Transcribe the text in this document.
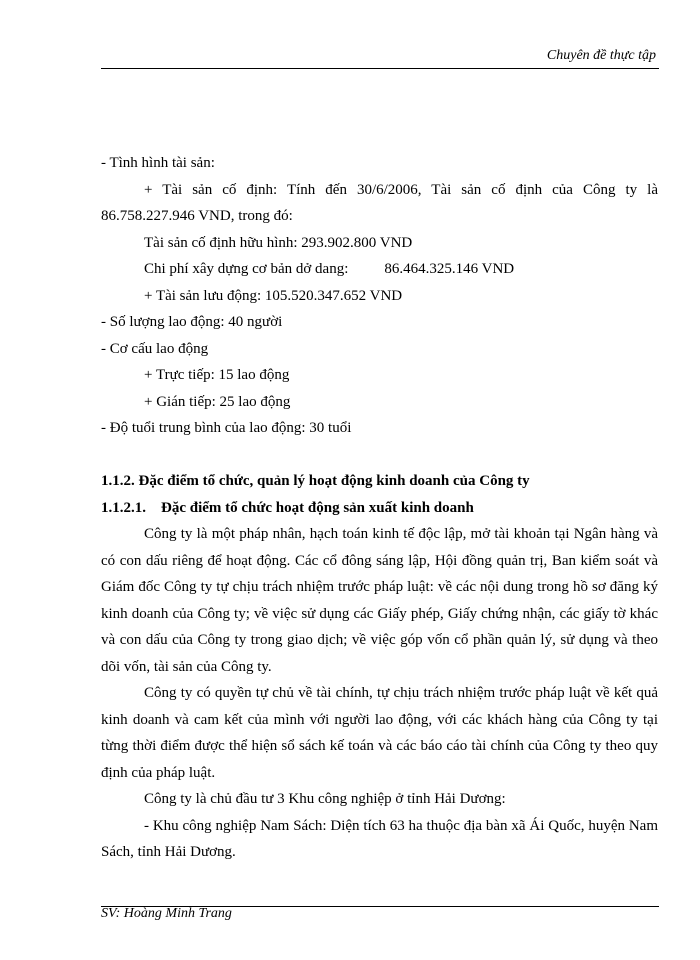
Chuyên đề thực tập

- Tình hình tài sản:

+ Tài sản cố định: Tính đến 30/6/2006, Tài sản cố định của Công ty là

86.758.227.946 VND, trong đó:

Tài sản cố định hữu hình: 293.902.800 VND

Chi phí xây dựng cơ bản dở dang: 86.464.325.146 VND

+ Tài sản lưu động: 105.520.347.652 VND

- Số lượng lao động: 40 người

- Cơ cấu lao động

+ Trực tiếp: 15 lao động

+ Gián tiếp: 25 lao động

- Độ tuổi trung bình của lao động: 30 tuổi

1.1.2. Đặc điểm tổ chức, quản lý hoạt động kinh doanh của Công ty

1.1.2.1. Đặc điểm tổ chức hoạt động sản xuất kinh doanh

Công ty là một pháp nhân, hạch toán kinh tế độc lập, mở tài khoản tại Ngân hàng và có con dấu riêng để hoạt động. Các cổ đông sáng lập, Hội đồng quản trị, Ban kiểm soát và Giám đốc Công ty tự chịu trách nhiệm trước pháp luật: về các nội dung trong hồ sơ đăng ký kinh doanh của Công ty; về việc sử dụng các Giấy phép, Giấy chứng nhận, các giấy tờ khác và con dấu của Công ty trong giao dịch; về việc góp vốn cổ phần quản lý, sử dụng và theo dõi vốn, tài sản của Công ty.

Công ty có quyền tự chủ về tài chính, tự chịu trách nhiệm trước pháp luật về kết quả kinh doanh và cam kết của mình với người lao động, với các khách hàng của Công ty tại từng thời điểm được thể hiện sổ sách kế toán và các báo cáo tài chính của Công ty theo quy định của pháp luật.

Công ty là chủ đầu tư 3 Khu công nghiệp ở tỉnh Hải Dương:

- Khu công nghiệp Nam Sách: Diện tích 63 ha thuộc địa bàn xã Ái Quốc, huyện Nam Sách, tỉnh Hải Dương.

SV: Hoàng Minh Trang
